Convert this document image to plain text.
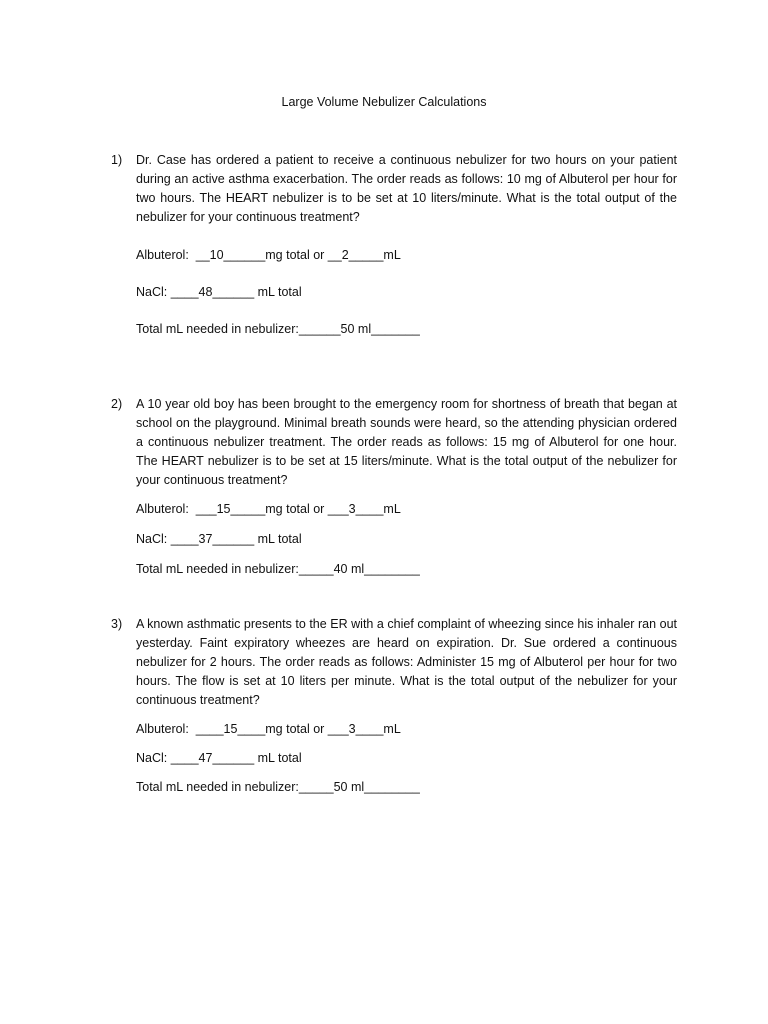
Large Volume Nebulizer Calculations
1) Dr. Case has ordered a patient to receive a continuous nebulizer for two hours on your patient during an active asthma exacerbation. The order reads as follows: 10 mg of Albuterol per hour for two hours. The HEART nebulizer is to be set at 10 liters/minute. What is the total output of the nebulizer for your continuous treatment?
Albuterol:  __10______mg total or __2_____mL
NaCl: ____48______ mL total
Total mL needed in nebulizer:______50 ml_______
2) A 10 year old boy has been brought to the emergency room for shortness of breath that began at school on the playground. Minimal breath sounds were heard, so the attending physician ordered a continuous nebulizer treatment. The order reads as follows: 15 mg of Albuterol for one hour. The HEART nebulizer is to be set at 15 liters/minute. What is the total output of the nebulizer for your continuous treatment?
Albuterol:  ___15_____mg total or ___3____mL
NaCl: ____37______ mL total
Total mL needed in nebulizer:_____40 ml________
3) A known asthmatic presents to the ER with a chief complaint of wheezing since his inhaler ran out yesterday. Faint expiratory wheezes are heard on expiration. Dr. Sue ordered a continuous nebulizer for 2 hours. The order reads as follows: Administer 15 mg of Albuterol per hour for two hours. The flow is set at 10 liters per minute. What is the total output of the nebulizer for your continuous treatment?
Albuterol:  ____15____mg total or ___3____mL
NaCl: ____47______ mL total
Total mL needed in nebulizer:_____50 ml________
